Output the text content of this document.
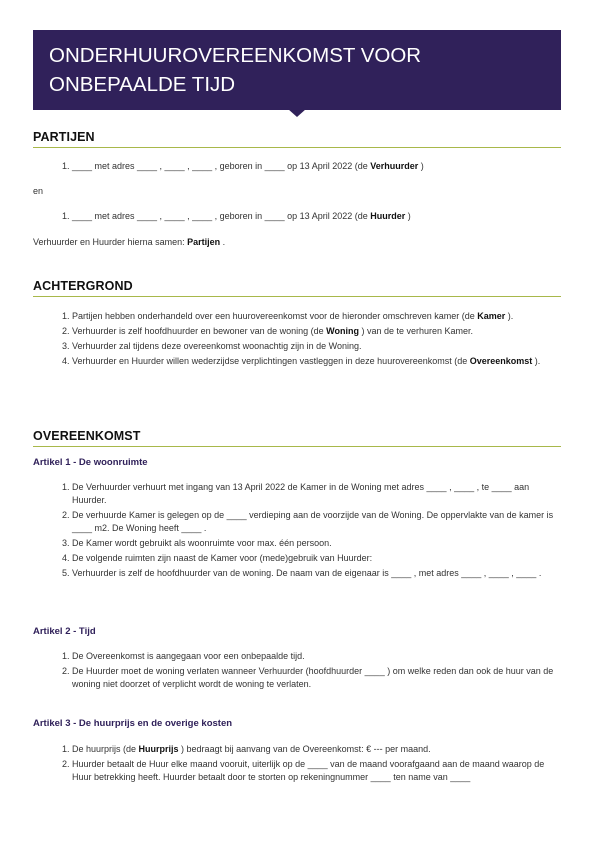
ONDERHUUROVEREENKOMST VOOR ONBEPAALDE TIJD
PARTIJEN
1. ____ met adres ____ , ____ , ____ , geboren in ____ op 13 April 2022 (de Verhuurder )
en
1. ____ met adres ____ , ____ , ____ , geboren in ____ op 13 April 2022 (de Huurder )
Verhuurder en Huurder hierna samen: Partijen .
ACHTERGROND
1. Partijen hebben onderhandeld over een huurovereenkomst voor de hieronder omschreven kamer (de Kamer ).
2. Verhuurder is zelf hoofdhuurder en bewoner van de woning (de Woning ) van de te verhuren Kamer.
3. Verhuurder zal tijdens deze overeenkomst woonachtig zijn in de Woning.
4. Verhuurder en Huurder willen wederzijdse verplichtingen vastleggen in deze huurovereenkomst (de Overeenkomst ).
OVEREENKOMST
Artikel 1 - De woonruimte
1. De Verhuurder verhuurt met ingang van 13 April 2022 de Kamer in de Woning met adres ____ , ____ , te ____ aan Huurder.
2. De verhuurde Kamer is gelegen op de ____ verdieping aan de voorzijde van de Woning. De oppervlakte van de kamer is ____ m2. De Woning heeft ____ .
3. De Kamer wordt gebruikt als woonruimte voor max. één persoon.
4. De volgende ruimten zijn naast de Kamer voor (mede)gebruik van Huurder:
5. Verhuurder is zelf de hoofdhuurder van de woning. De naam van de eigenaar is ____ , met adres ____ , ____ , ____ .
Artikel 2 - Tijd
1. De Overeenkomst is aangegaan voor een onbepaalde tijd.
2. De Huurder moet de woning verlaten wanneer Verhuurder (hoofdhuurder ____ ) om welke reden dan ook de huur van de woning niet doorzet of verplicht wordt de woning te verlaten.
Artikel 3 - De huurprijs en de overige kosten
1. De huurprijs (de Huurprijs ) bedraagt bij aanvang van de Overeenkomst: € --- per maand.
2. Huurder betaalt de Huur elke maand vooruit, uiterlijk op de ____ van de maand voorafgaand aan de maand waarop de Huur betrekking heeft. Huurder betaalt door te storten op rekeningnummer ____ ten name van ____
